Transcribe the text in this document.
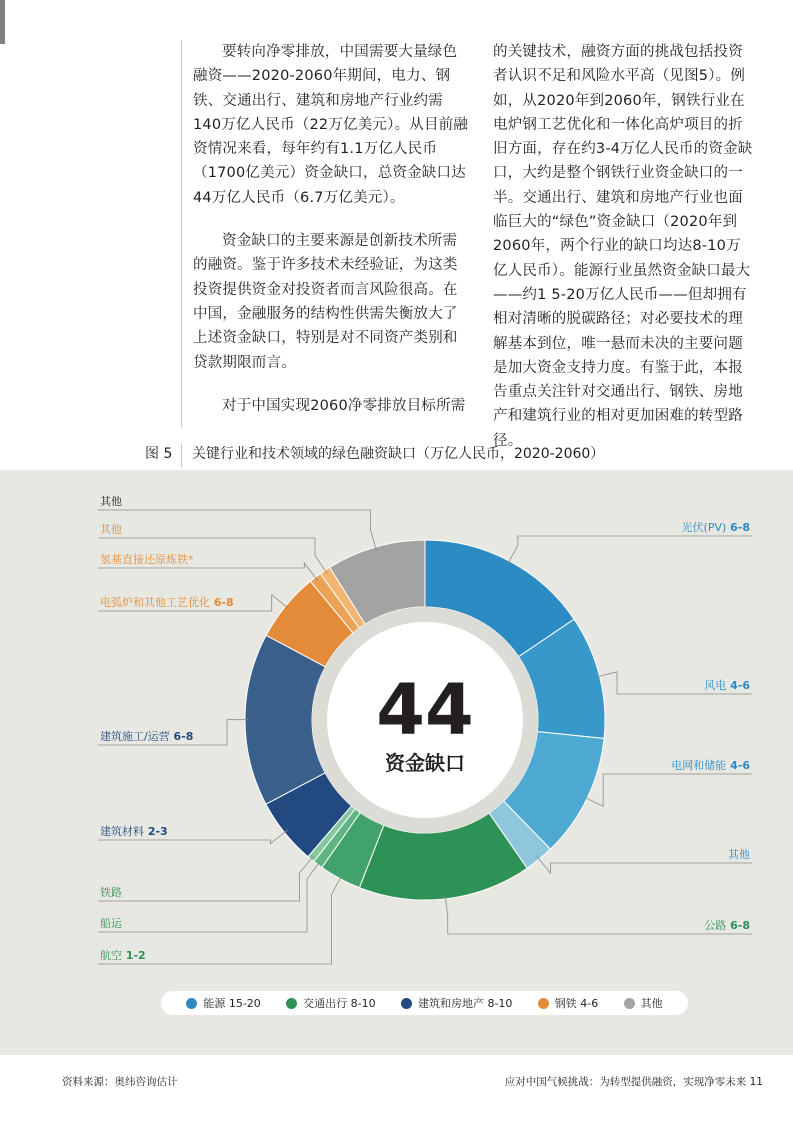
要转向净零排放，中国需要大量绿色融资——2020-2060年期间，电力、钢铁、交通出行、建筑和房地产行业约需140万亿人民币（22万亿美元）。从目前融资情况来看，每年约有1.1万亿人民币（1700亿美元）资金缺口，总资金缺口达44万亿人民币（6.7万亿美元）。

资金缺口的主要来源是创新技术所需的融资。鉴于许多技术未经验证，为这类投资提供资金对投资者而言风险很高。在中国，金融服务的结构性供需失衡放大了上述资金缺口，特别是对不同资产类别和贷款期限而言。

对于中国实现2060净零排放目标所需

的关键技术，融资方面的挑战包括投资者认识不足和风险水平高（见图5）。例如，从2020年到2060年，钢铁行业在电炉钢工艺优化和一体化高炉项目的折旧方面，存在约3-4万亿人民币的资金缺口，大约是整个钢铁行业资金缺口的一半。交通出行、建筑和房地产行业也面临巨大的“绿色”资金缺口（2020年到2060年，两个行业的缺口均达8-10万亿人民币）。能源行业虽然资金缺口最大——约1 5-20万亿人民币——但却拥有相对清晰的脱碳路径；对必要技术的理解基本到位，唯一悬而未决的主要问题是加大资金支持力度。有鉴于此，本报告重点关注针对交通出行、钢铁、房地产和建筑行业的相对更加困难的转型路径。

图 5 关键行业和技术领域的绿色融资缺口（万亿人民币，2020-2060）
44
资金缺口
光伏(PV) 6-8
风电 4-6
电网和储能 4-6
其他
公路 6-8
航空 1-2
船运
铁路
建筑材料 2-3
建筑施工/运营 6-8
电弧炉和其他工艺优化 6-8
氢基直接还原炼铁*
其他
其他
能源 15-20	交通出行 8-10	建筑和房地产 8-10	钢铁 4-6	其他
资料来源：奥纬咨询估计	应对中国气候挑战：为转型提供融资，实现净零未来 11
